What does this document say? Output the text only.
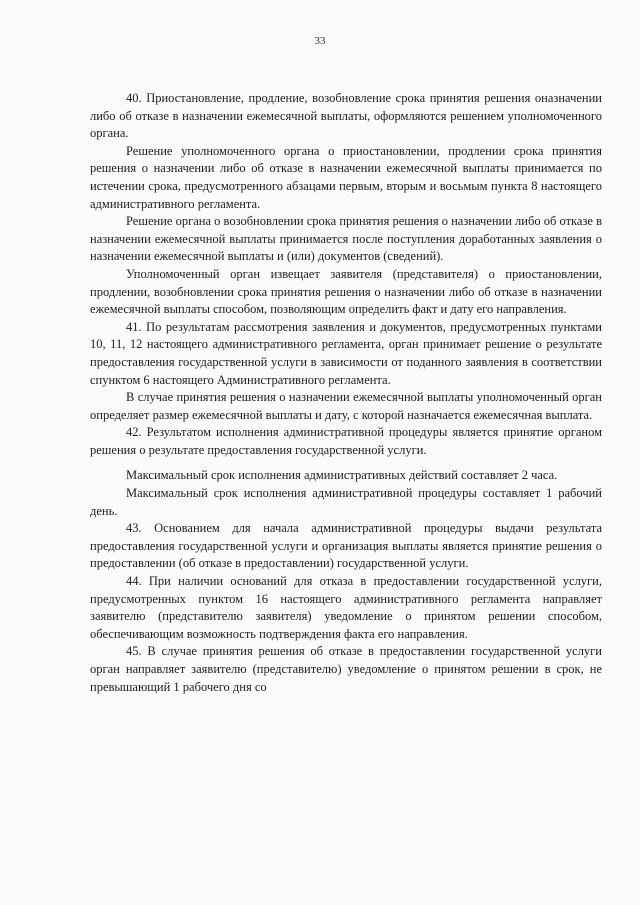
33

40. Приостановление, продление, возобновление срока принятия решения оназначении либо об отказе в назначении ежемесячной выплаты, оформляются решением уполномоченного органа.

Решение уполномоченного органа о приостановлении, продлении срока принятия решения о назначении либо об отказе в назначении ежемесячной выплаты принимается по истечении срока, предусмотренного абзацами первым, вторым и восьмым пункта 8 настоящего административного регламента.

Решение органа о возобновлении срока принятия решения о назначении либо об отказе в назначении ежемесячной выплаты принимается после поступления доработанных заявления о назначении ежемесячной выплаты и (или) документов (сведений).

Уполномоченный орган извещает заявителя (представителя) о приостановлении, продлении, возобновлении срока принятия решения о назначении либо об отказе в назначении ежемесячной выплаты способом, позволяющим определить факт и дату его направления.

41. По результатам рассмотрения заявления и документов, предусмотренных пунктами 10, 11, 12 настоящего административного регламента, орган принимает решение о результате предоставления государственной услуги в зависимости от поданного заявления в соответствии спунктом 6 настоящего Административного регламента.

В случае принятия решения о назначении ежемесячной выплаты уполномоченный орган определяет размер ежемесячной выплаты и дату, с которой назначается ежемесячная выплата.

42. Результатом исполнения административной процедуры является принятие органом решения о результате предоставления государственной услуги.

Максимальный срок исполнения административных действий составляет 2 часа.

Максимальный срок исполнения административной процедуры составляет 1 рабочий день.

43. Основанием для начала административной процедуры выдачи результата предоставления государственной услуги и организация выплаты является принятие решения о предоставлении (об отказе в предоставлении) государственной услуги.

44. При наличии оснований для отказа в предоставлении государственной услуги, предусмотренных пунктом 16 настоящего административного регламента направляет заявителю (представителю заявителя) уведомление о принятом решении способом, обеспечивающим возможность подтверждения факта его направления.

45. В случае принятия решения об отказе в предоставлении государственной услуги орган направляет заявителю (представителю) уведомление о принятом решении в срок, не превышающий 1 рабочего дня со
